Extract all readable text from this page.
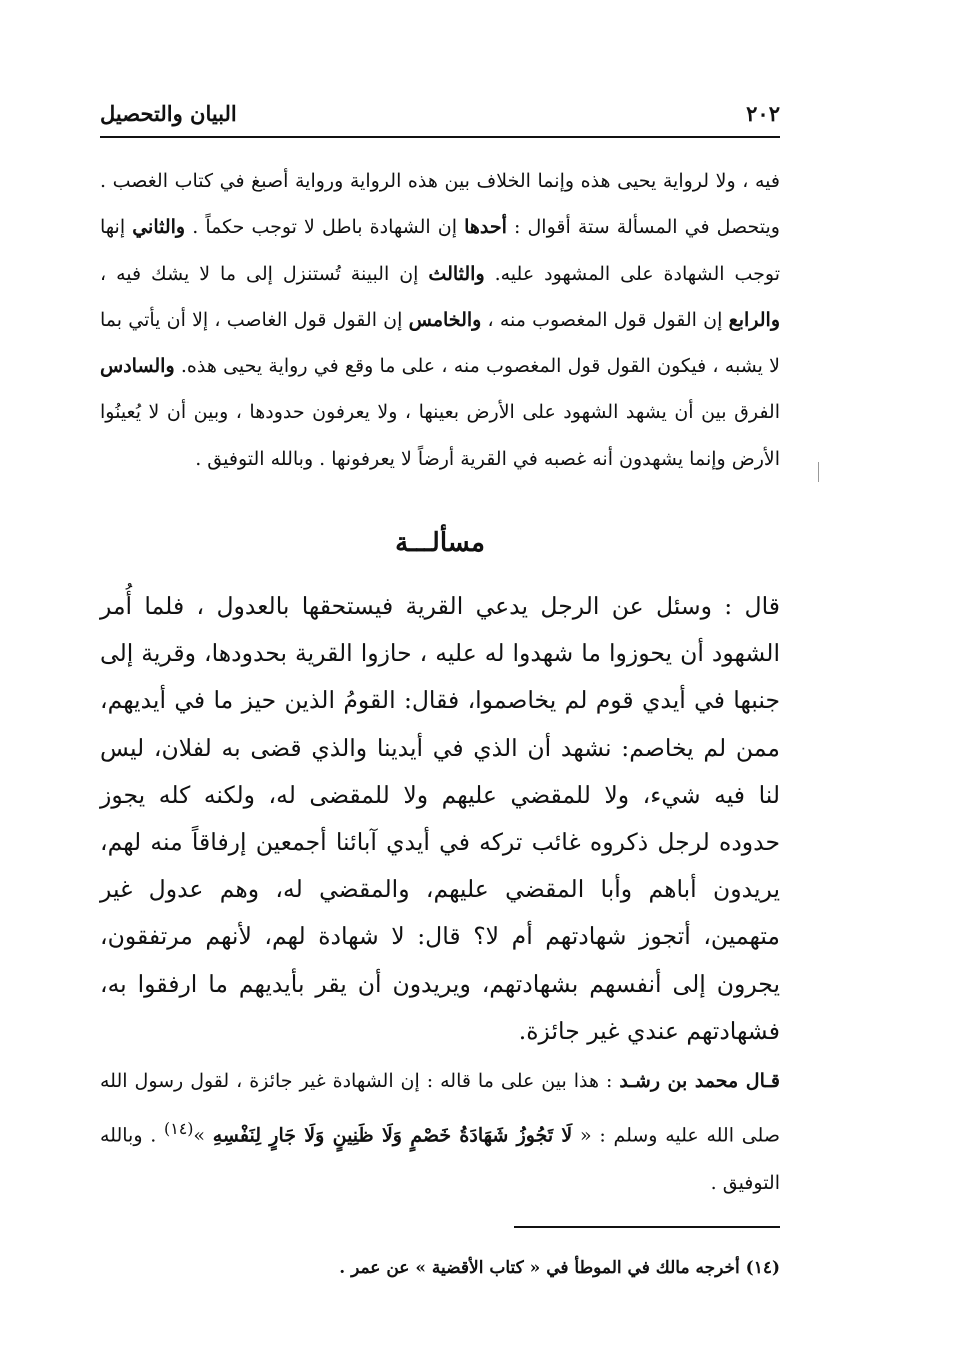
٢٠٢
البيان والتحصيل
فيه ، ولا لرواية يحيى هذه وإنما الخلاف بين هذه الرواية ورواية أصبغ في كتاب الغصب . ويتحصل في المسألة ستة أقوال : أحدها إن الشهادة باطل لا توجب حكماً . والثاني إنها توجب الشهادة على المشهود عليه. والثالث إن البينة تُستنزل إلى ما لا يشك فيه ، والرابع إن القول قول المغصوب منه ، والخامس إن القول قول الغاصب ، إلا أن يأتي بما لا يشبه ، فيكون القول قول المغصوب منه ، على ما وقع في رواية يحيى هذه. والسادس الفرق بين أن يشهد الشهود على الأرض بعينها ، ولا يعرفون حدودها ، وبين أن لا يُعينُوا الأرض وإنما يشهدون أنه غصبه في القرية أرضاً لا يعرفونها . وبالله التوفيق .
مسألـــة
قال : وسئل عن الرجل يدعي القرية فيستحقها بالعدول ، فلما أُمر الشهود أن يحوزوا ما شهدوا له عليه ، حازوا القرية بحدودها، وقرية إلى جنبها في أيدي قوم لم يخاصموا، فقال: القومُ الذين حيز ما في أيديهم، ممن لم يخاصم: نشهد أن الذي في أيدينا والذي قضى به لفلان، ليس لنا فيه شيء، ولا للمقضي عليهم ولا للمقضى له، ولكنه كله يجوز حدوده لرجل ذكروه غائب تركه في أيدي آبائنا أجمعين إرفاقاً منه لهم، يريدون أباهم وأبا المقضي عليهم، والمقضي له، وهم عدول غير متهمين، أتجوز شهادتهم أم لا؟ قال: لا شهادة لهم، لأنهم مرتفقون، يجرون إلى أنفسهم بشهادتهم، ويريدون أن يقر بأيديهم ما ارفقوا به، فشهادتهم عندي غير جائزة.
قـال محمد بن رشـد : هذا بين على ما قاله : إن الشهادة غير جائزة ، لقول رسول الله صلى الله عليه وسلم : « لَا تَجُوزُ شَهَادَةُ خَصْمٍ وَلَا ظَنِينٍ وَلَا جَارٍ لِنَفْسِهِ »$^{(١٤)}$ . وبالله التوفيق .
(١٤) أخرجه مالك في الموطأ في « كتاب الأقضية » عن عمر .
